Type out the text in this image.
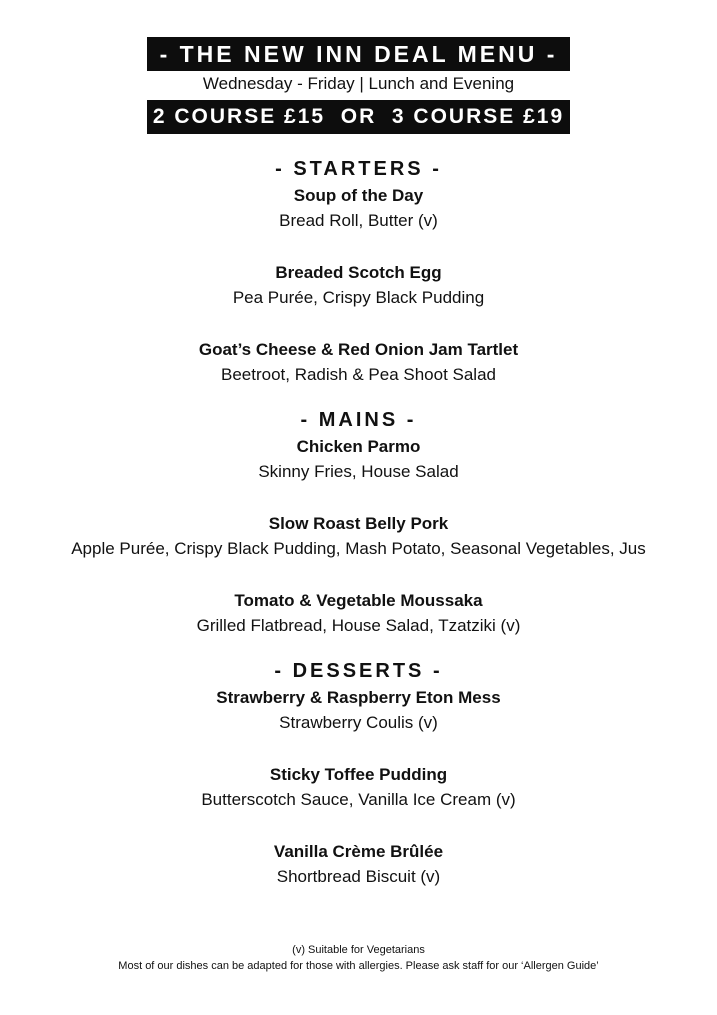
- THE NEW INN DEAL MENU -
Wednesday - Friday | Lunch and Evening
2 COURSE £15  OR  3 COURSE £19
- STARTERS -
Soup of the Day
Bread Roll, Butter (v)
Breaded Scotch Egg
Pea Purée, Crispy Black Pudding
Goat’s Cheese & Red Onion Jam Tartlet
Beetroot, Radish & Pea Shoot Salad
- MAINS -
Chicken Parmo
Skinny Fries, House Salad
Slow Roast Belly Pork
Apple Purée, Crispy Black Pudding, Mash Potato, Seasonal Vegetables, Jus
Tomato & Vegetable Moussaka
Grilled Flatbread, House Salad, Tzatziki (v)
- DESSERTS -
Strawberry & Raspberry Eton Mess
Strawberry Coulis (v)
Sticky Toffee Pudding
Butterscotch Sauce, Vanilla Ice Cream (v)
Vanilla Crème Brûlée
Shortbread Biscuit (v)
(v) Suitable for Vegetarians
Most of our dishes can be adapted for those with allergies. Please ask staff for our ‘Allergen Guide’
